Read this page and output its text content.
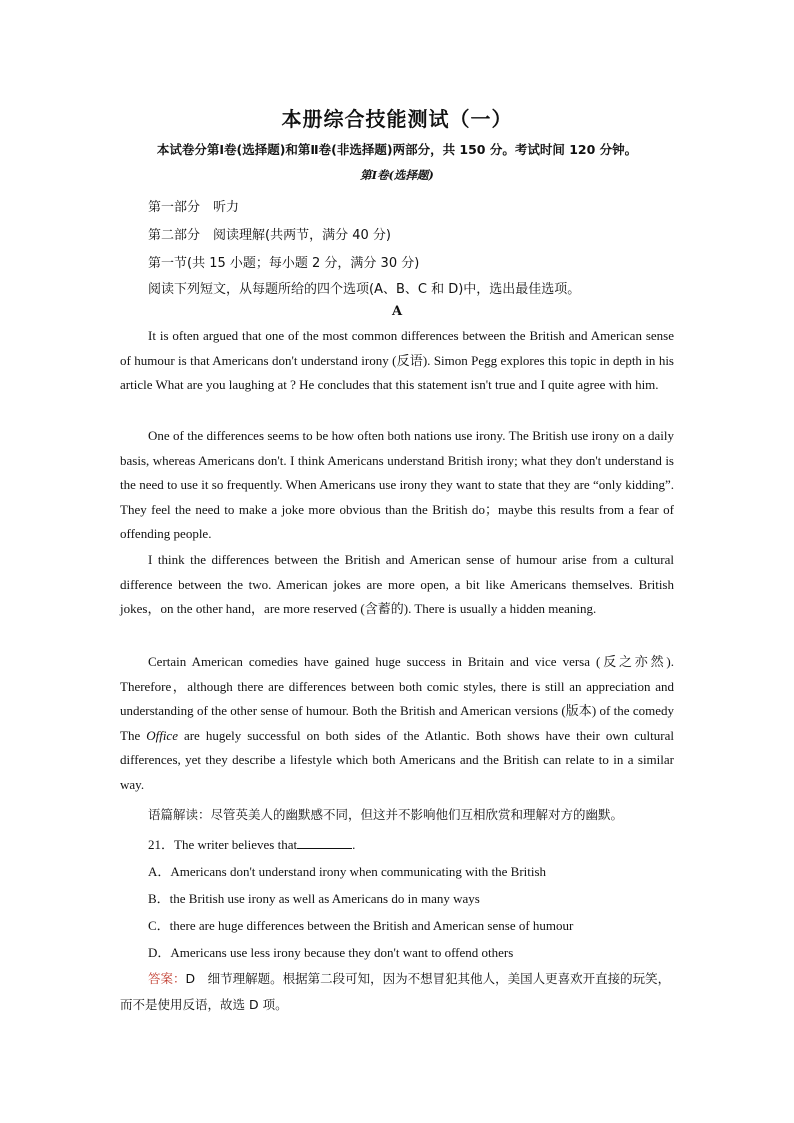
本册综合技能测试（一）
本试卷分第Ⅰ卷(选择题)和第Ⅱ卷(非选择题)两部分，共 150 分。考试时间 120 分钟。
第Ⅰ卷(选择题)
第一部分　听力
第二部分　阅读理解(共两节，满分 40 分)
第一节(共 15 小题；每小题 2 分，满分 30 分)
阅读下列短文，从每题所给的四个选项(A、B、C 和 D)中，选出最佳选项。
A

It is often argued that one of the most common differences between the British and American sense of humour is that Americans don't understand irony (反语). Simon Pegg explores this topic in depth in his article What are you laughing at ? He concludes that this statement isn't true and I quite agree with him.

One of the differences seems to be how often both nations use irony. The British use irony on a daily basis, whereas Americans don't. I think Americans understand British irony; what they don't understand is the need to use it so frequently. When Americans use irony they want to state that they are “only kidding”. They feel the need to make a joke more obvious than the British do；maybe this results from a fear of offending people.

I think the differences between the British and American sense of humour arise from a cultural difference between the two. American jokes are more open, a bit like Americans themselves. British jokes，on the other hand，are more reserved (含蓄的). There is usually a hidden meaning.

Certain American comedies have gained huge success in Britain and vice versa (反之亦然). Therefore，although there are differences between both comic styles, there is still an appreciation and understanding of the other sense of humour. Both the British and American versions (版本) of the comedy The Office are hugely successful on both sides of the Atlantic. Both shows have their own cultural differences, yet they describe a lifestyle which both Americans and the British can relate to in a similar way.

语篇解读：尽管英美人的幽默感不同，但这并不影响他们互相欣赏和理解对方的幽默。
21．The writer believes that	.
A．Americans don't understand irony when communicating with the British
B．the British use irony as well as Americans do in many ways
C．there are huge differences between the British and American sense of humour
D．Americans use less irony because they don't want to offend others

答案：D　细节理解题。根据第二段可知，因为不想冒犯其他人，美国人更喜欢开直接的玩笑，而不是使用反语，故选 D 项。
